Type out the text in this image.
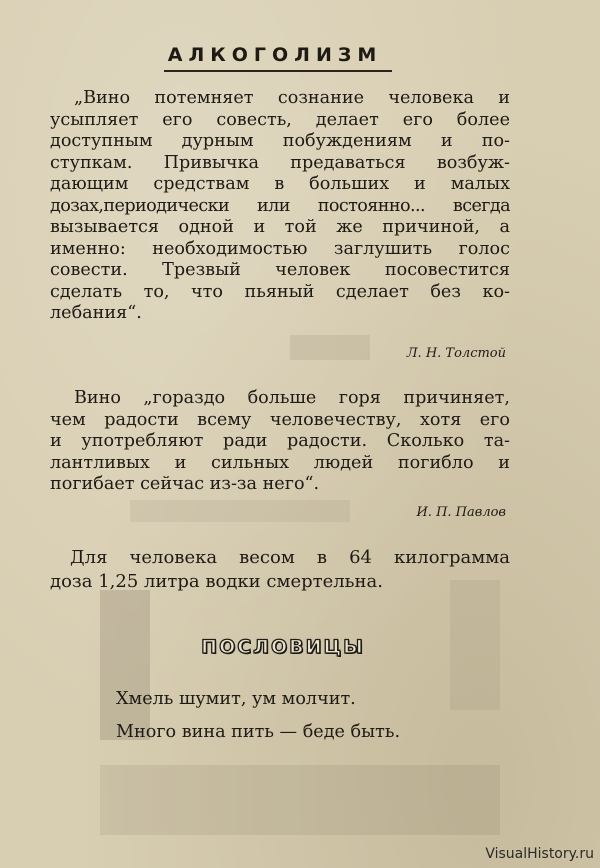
АЛКОГОЛИЗМ
„Вино потемняет сознание человека и
усыпляет его совесть, делает его более
доступным дурным побуждениям и по-
ступкам. Привычка предаваться возбуж-
дающим средствам в больших и малых
дозах,периодически или постоянно... всегда
вызывается одной и той же причиной, а
именно: необходимостью заглушить голос
совести. Трезвый человек посовестится
сделать то, что пьяный сделает без ко-
лебания“.
Л. Н. Толстой
Вино „гораздо больше горя причиняет,
чем радости всему человечеству, хотя его
и употребляют ради радости. Сколько та-
лантливых и сильных людей погибло и
погибает сейчас из-за него“.
И. П. Павлов
Для человека весом в 64 килограмма
доза 1,25 литра водки смертельна.
ПОСЛОВИЦЫ
Хмель шумит, ум молчит.
Много вина пить — беде быть.
VisualHistory.ru
